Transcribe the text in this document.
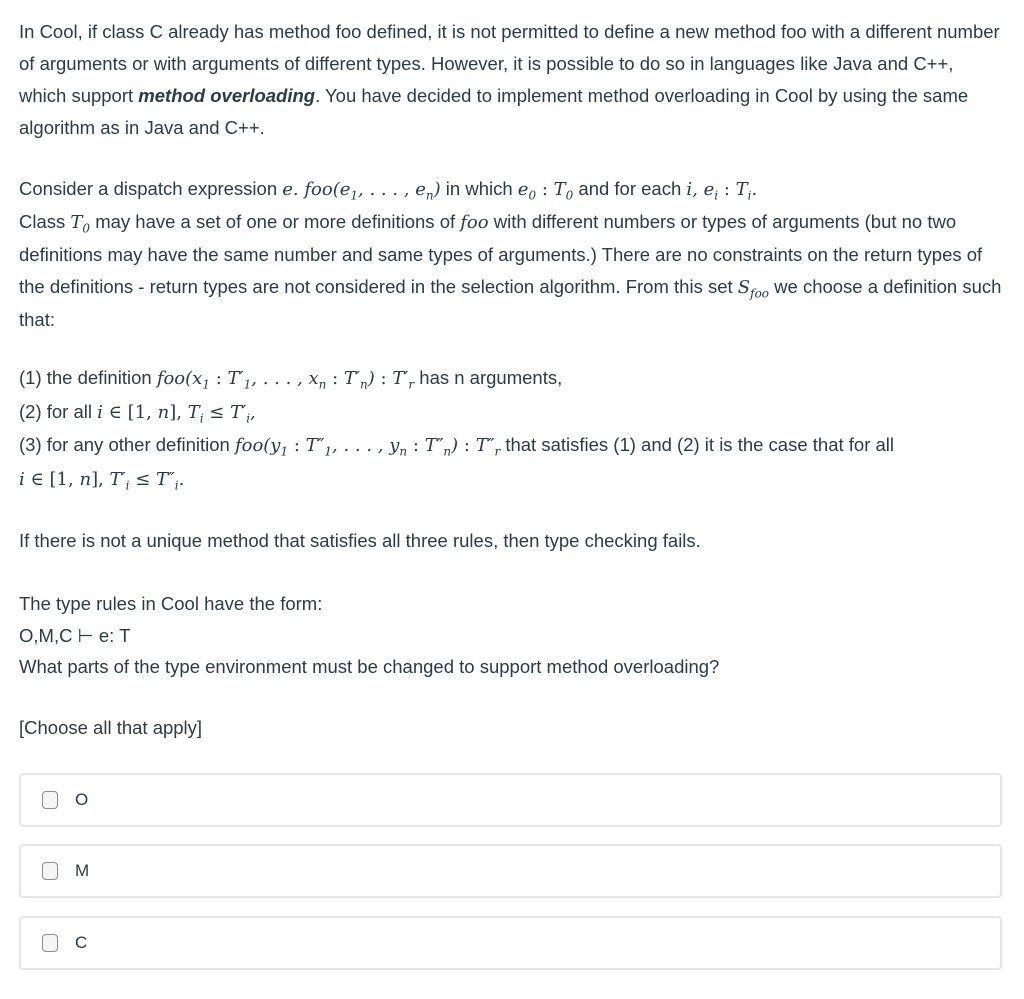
In Cool, if class C already has method foo defined, it is not permitted to define a new method foo with a different number of arguments or with arguments of different types. However, it is possible to do so in languages like Java and C++, which support method overloading. You have decided to implement method overloading in Cool by using the same algorithm as in Java and C++.

Consider a dispatch expression e. $foo(e_1$, . . . , $e_n$) in which $e_0$ : $T_0$ and for each i, $e_i$ : $T_i$.
Class $T_0$ may have a set of one or more definitions of foo with different numbers or types of arguments (but no two definitions may have the same number and same types of arguments.) There are no constraints on the return types of the definitions - return types are not considered in the selection algorithm. From this set $S_{foo}$ we choose a definition such that:

(1) the definition $foo(x_1$ : $T'_1$, . . . , $x_n$ : $T'_n$) : $T'_r$ has n arguments,
(2) for all i ∈ [1, n], $T_i \le T'_i$,
(3) for any other definition $foo(y_1$ : $T''_1$, . . . , $y_n$ : $T''_n$) : $T''_r$ that satisfies (1) and (2) it is the case that for all
i ∈ [1, n], $T'_i \le T''_i$.

If there is not a unique method that satisfies all three rules, then type checking fails.

The type rules in Cool have the form:
O,M,C ⊢ e: T
What parts of the type environment must be changed to support method overloading?

[Choose all that apply]

O
M
C
